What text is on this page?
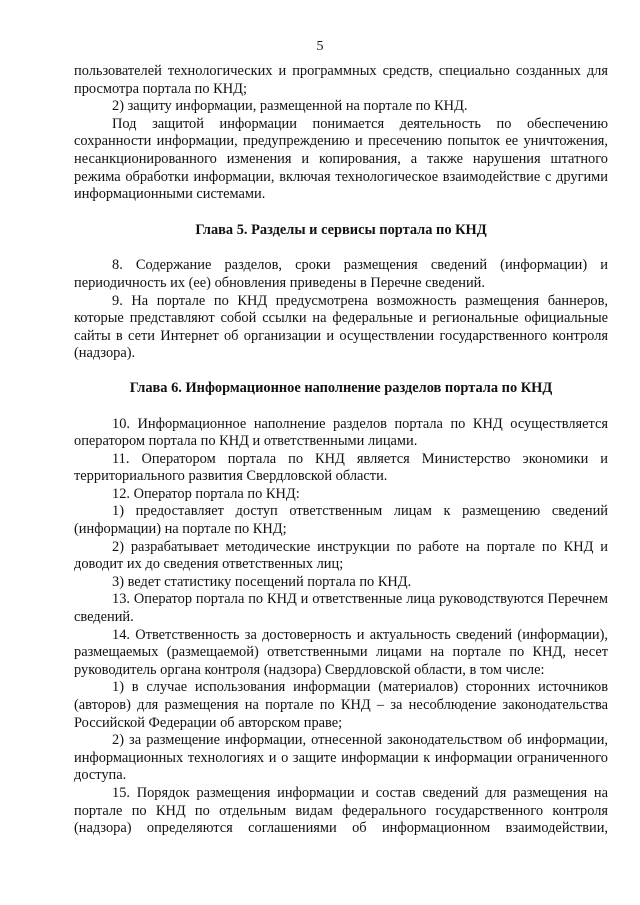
5

пользователей технологических и программных средств, специально созданных для просмотра портала по КНД;

2) защиту информации, размещенной на портале по КНД.

Под защитой информации понимается деятельность по обеспечению сохранности информации, предупреждению и пресечению попыток ее уничтожения, несанкционированного изменения и копирования, а также нарушения штатного режима обработки информации, включая технологическое взаимодействие с другими информационными системами.

Глава 5. Разделы и сервисы портала по КНД

8. Содержание разделов, сроки размещения сведений (информации) и периодичность их (ее) обновления приведены в Перечне сведений.

9. На портале по КНД предусмотрена возможность размещения баннеров, которые представляют собой ссылки на федеральные и региональные официальные сайты в сети Интернет об организации и осуществлении государственного контроля (надзора).

Глава 6. Информационное наполнение разделов портала по КНД

10. Информационное наполнение разделов портала по КНД осуществляется оператором портала по КНД и ответственными лицами.

11. Оператором портала по КНД является Министерство экономики и территориального развития Свердловской области.

12. Оператор портала по КНД:

1) предоставляет доступ ответственным лицам к размещению сведений (информации) на портале по КНД;

2) разрабатывает методические инструкции по работе на портале по КНД и доводит их до сведения ответственных лиц;

3) ведет статистику посещений портала по КНД.

13. Оператор портала по КНД и ответственные лица руководствуются Перечнем сведений.

14. Ответственность за достоверность и актуальность сведений (информации), размещаемых (размещаемой) ответственными лицами на портале по КНД, несет руководитель органа контроля (надзора) Свердловской области, в том числе:

1) в случае использования информации (материалов) сторонних источников (авторов) для размещения на портале по КНД – за несоблюдение законодательства Российской Федерации об авторском праве;

2) за размещение информации, отнесенной законодательством об информации, информационных технологиях и о защите информации к информации ограниченного доступа.

15. Порядок размещения информации и состав сведений для размещения на портале по КНД по отдельным видам федерального государственного контроля (надзора) определяются соглашениями об информационном взаимодействии,
